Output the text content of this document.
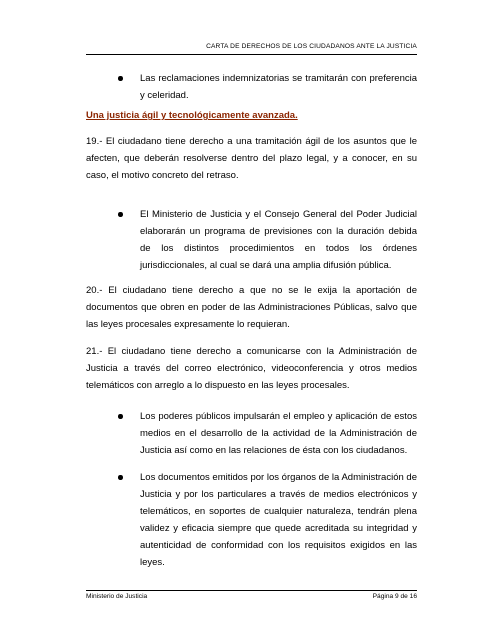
CARTA DE DERECHOS DE LOS CIUDADANOS ANTE LA JUSTICIA

Las reclamaciones indemnizatorias se tramitarán con preferencia y celeridad.

Una justicia ágil y tecnológicamente avanzada.

19.- El ciudadano tiene derecho a una tramitación ágil de los asuntos que le afecten, que deberán resolverse dentro del plazo legal, y a conocer, en su caso, el motivo concreto del retraso.

El Ministerio de Justicia y el Consejo General del Poder Judicial elaborarán un programa de previsiones con la duración debida de los distintos procedimientos en todos los órdenes jurisdiccionales, al cual se dará una amplia difusión pública.

20.- El ciudadano tiene derecho a que no se le exija la aportación de documentos que obren en poder de las Administraciones Públicas, salvo que las leyes procesales expresamente lo requieran.

21.- El ciudadano tiene derecho a comunicarse con la Administración de Justicia a través del correo electrónico, videoconferencia y otros medios telemáticos con arreglo a lo dispuesto en las leyes procesales.

Los poderes públicos impulsarán el empleo y aplicación de estos medios en el desarrollo de la actividad de la Administración de Justicia así como en las relaciones de ésta con los ciudadanos.

Los documentos emitidos por los órganos de la Administración de Justicia y por los particulares a través de medios electrónicos y telemáticos, en soportes de cualquier naturaleza, tendrán plena validez y eficacia siempre que quede acreditada su integridad y autenticidad de conformidad con los requisitos exigidos en las leyes.

Ministerio de Justicia	Página 9 de 16
